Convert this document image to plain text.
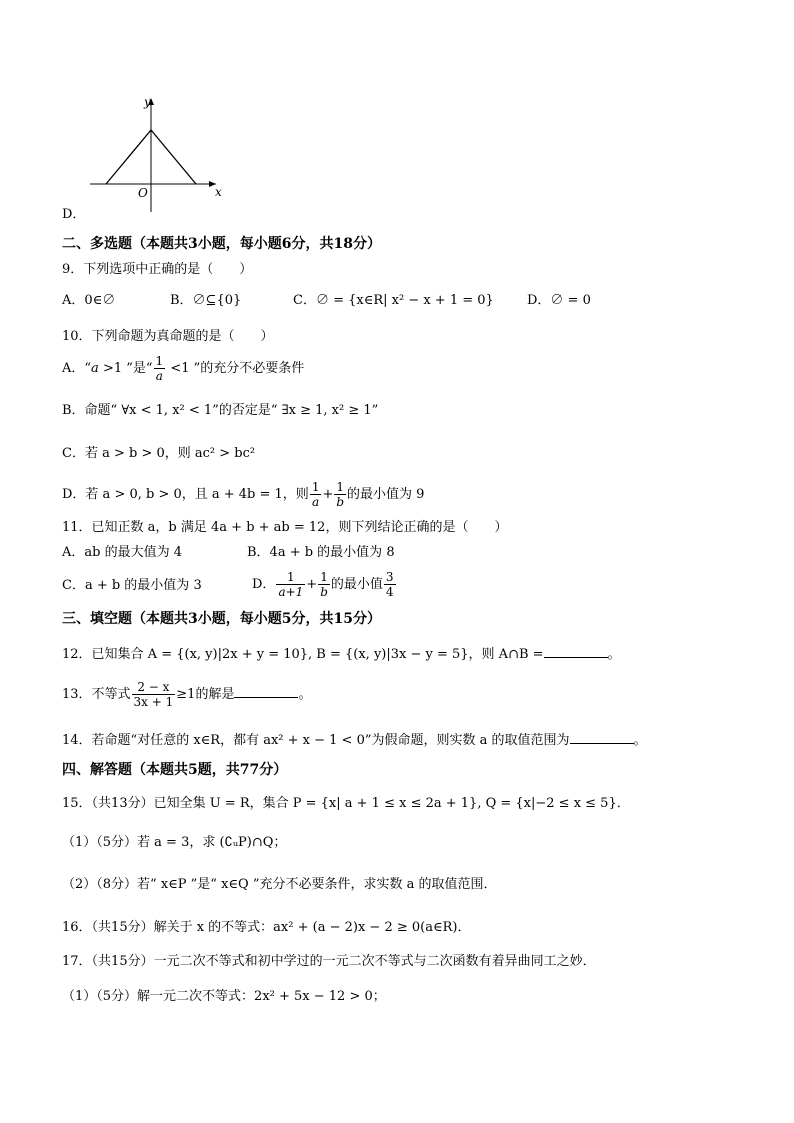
y
x
O
D．
二、多选题（本题共3小题，每小题6分，共18分）
9．下列选项中正确的是（　　）
A．0∈∅	B．∅⊆{0}	C．∅ = {x∈R| x² − x + 1 = 0}	D．∅ = 0
10．下列命题为真命题的是（　　）
A．“a >1 ”是“ $\frac{1}{a} <1$ ”的充分不必要条件
B．命题“ ∀x < 1, x² < 1”的否定是“ ∃x ≥ 1, x² ≥ 1”
C．若 a > b > 0，则 ac² > bc²
D．若 a > 0, b > 0，且 a + 4b = 1，则 $\frac{1}{a} + \frac{1}{b}$ 的最小值为 9
11．已知正数 a，b 满足 4a + b + ab = 12，则下列结论正确的是（　　）
A．ab 的最大值为 4	B．4a + b 的最小值为 8
C．a + b 的最小值为 3	D． $\frac{1}{a+1} + \frac{1}{b}$ 的最小值 $\frac{3}{4}$
三、填空题（本题共3小题，每小题5分，共15分）
12．已知集合 A = {(x, y)|2x + y = 10}, B = {(x, y)|3x − y = 5}，则 A∩B =	。
13．不等式 $\frac{2 - x}{3x + 1} \ge 1$的解是	。
14．若命题“对任意的 x∈R，都有 ax² + x − 1 < 0”为假命题，则实数 a 的取值范围为	。
四、解答题（本题共5题，共77分）
15．（共13分）已知全集 U = R，集合 P = {x| a + 1 ≤ x ≤ 2a + 1}, Q = {x|−2 ≤ x ≤ 5}．
（1）（5分）若 a = 3，求 (∁ᵤP)∩Q；
（2）（8分）若“ x∈P ”是“ x∈Q ”充分不必要条件，求实数 a 的取值范围．
16．（共15分）解关于 x 的不等式：ax² + (a − 2)x − 2 ≥ 0(a∈R)．
17．（共15分）一元二次不等式和初中学过的一元二次不等式与二次函数有着异曲同工之妙．
（1）（5分）解一元二次不等式：2x² + 5x − 12 > 0；
